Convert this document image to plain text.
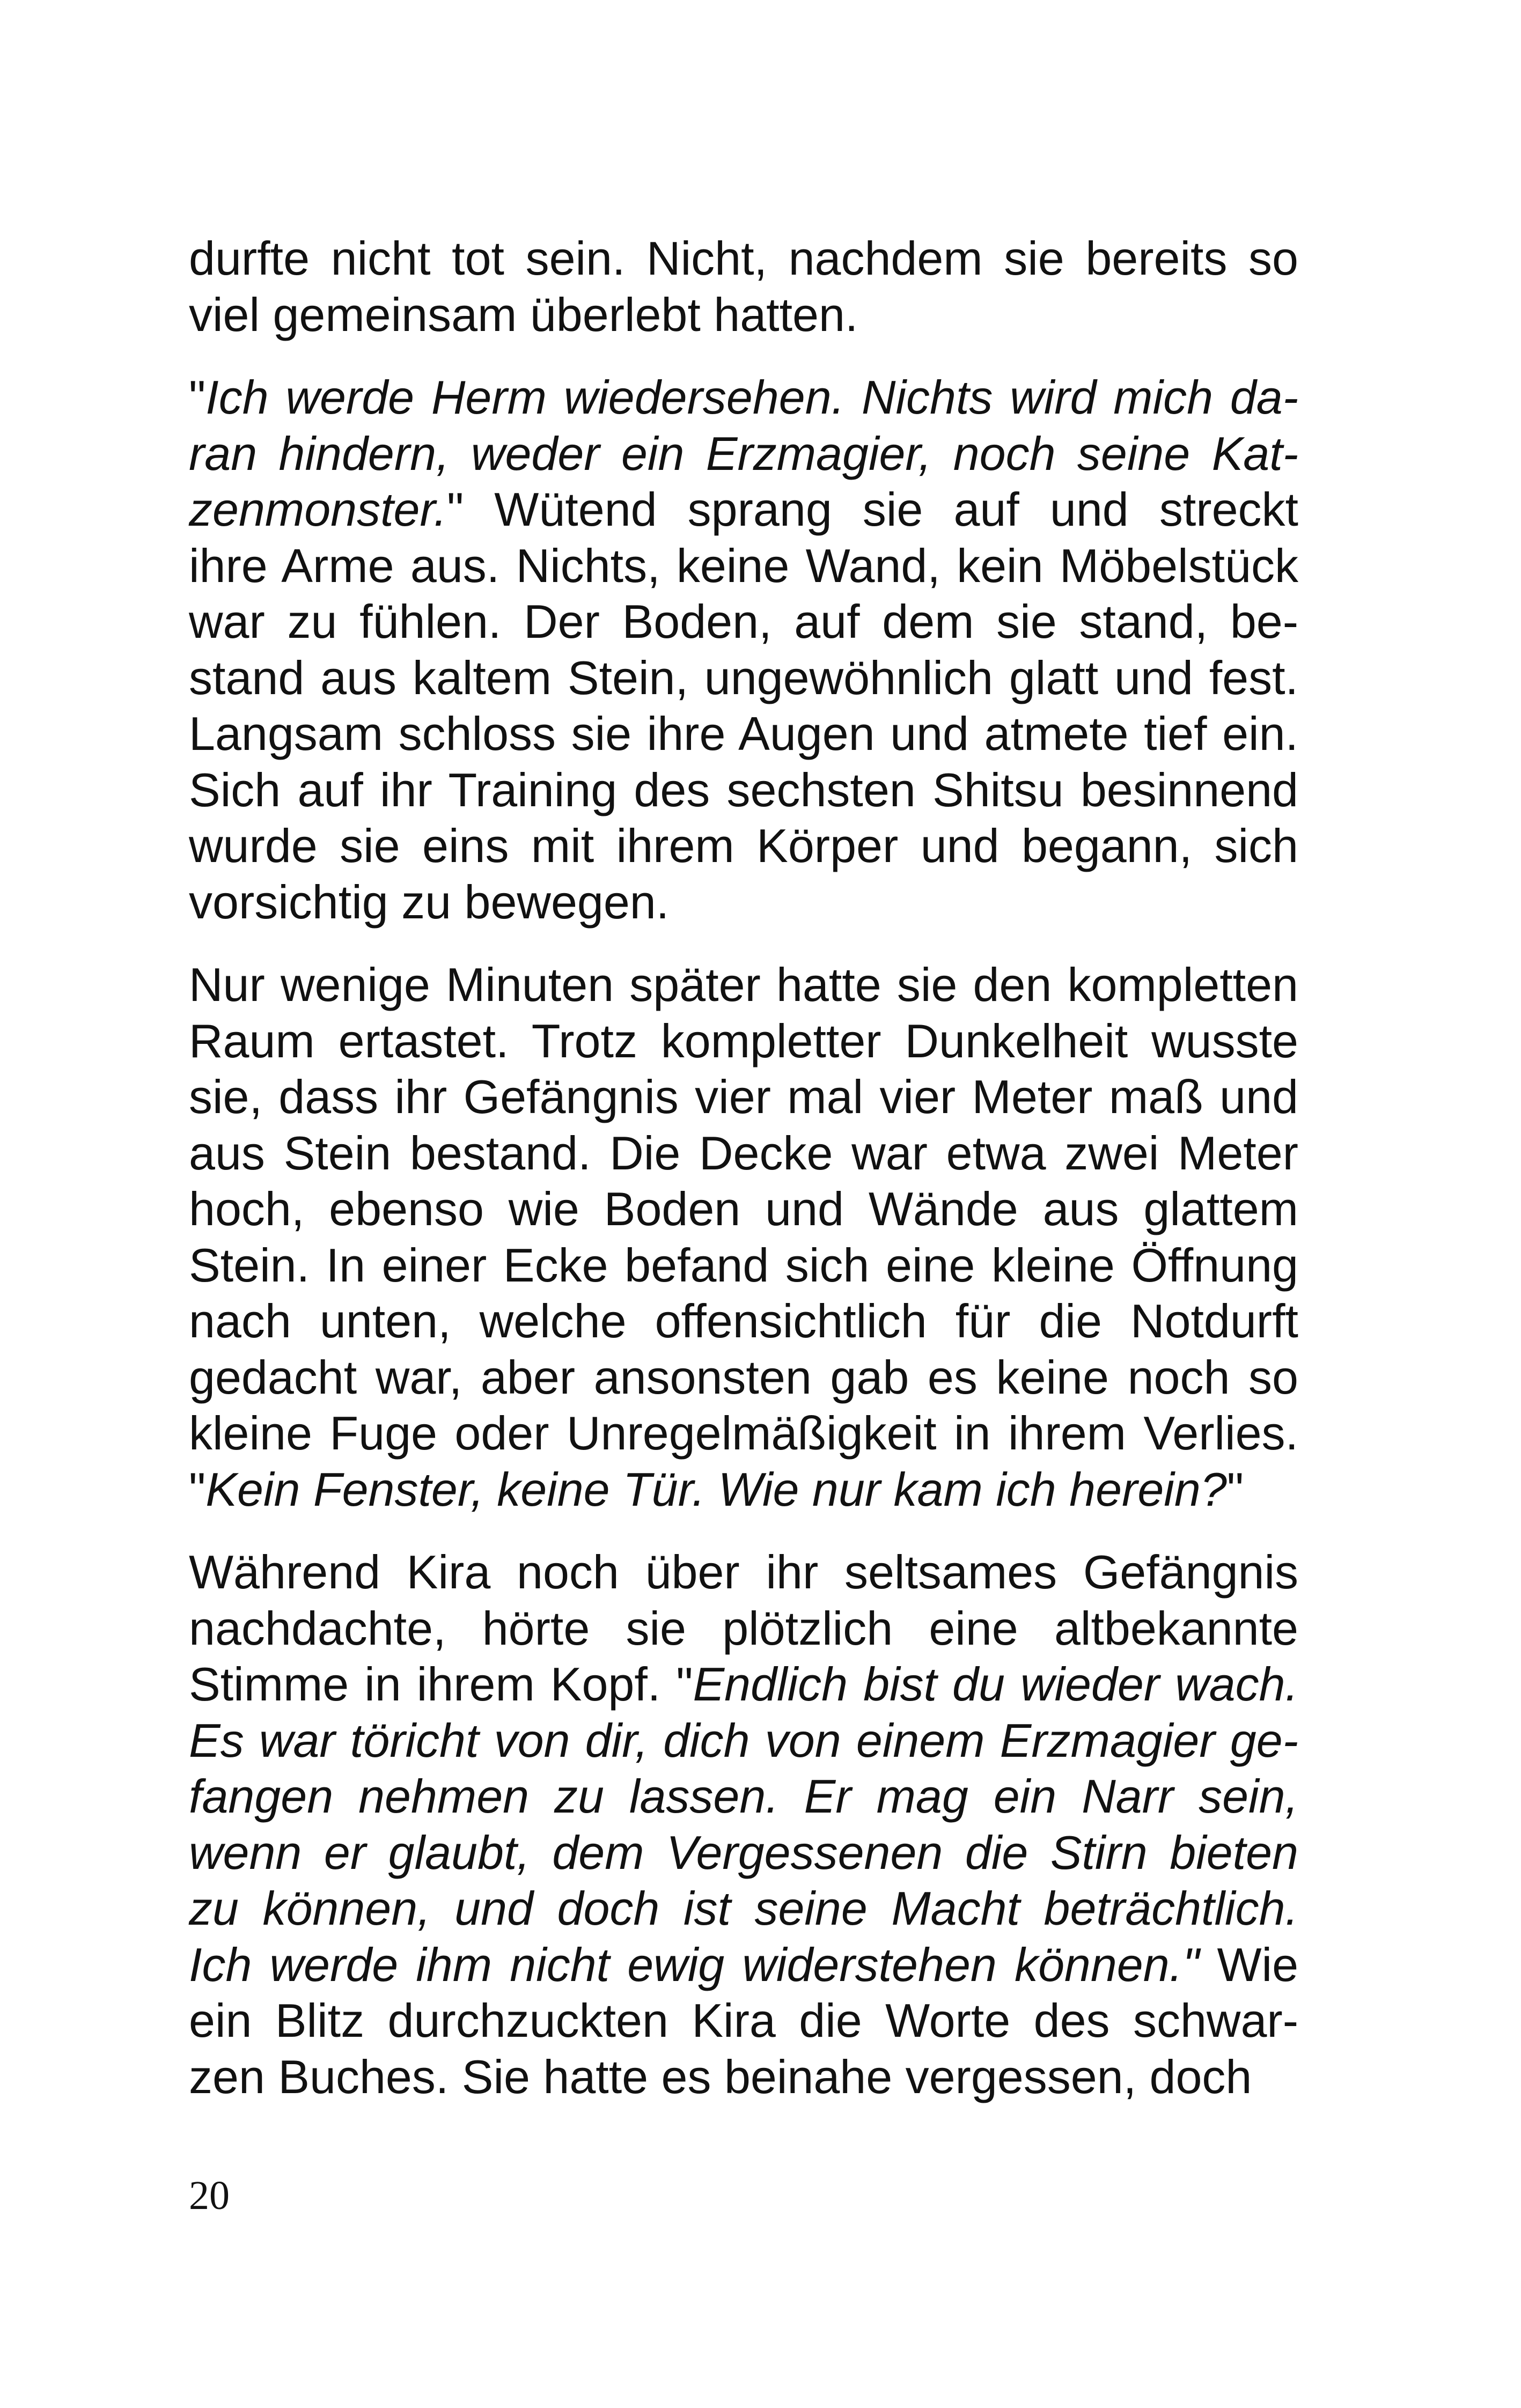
durfte nicht tot sein. Nicht, nachdem sie bereits so
viel gemeinsam überlebt hatten.
"Ich werde Herm wiedersehen. Nichts wird mich da-
ran hindern, weder ein Erzmagier, noch seine Kat-
zenmonster." Wütend sprang sie auf und streckt
ihre Arme aus. Nichts, keine Wand, kein Möbelstück
war zu fühlen. Der Boden, auf dem sie stand, be-
stand aus kaltem Stein, ungewöhnlich glatt und fest.
Langsam schloss sie ihre Augen und atmete tief ein.
Sich auf ihr Training des sechsten Shitsu besinnend
wurde sie eins mit ihrem Körper und begann, sich
vorsichtig zu bewegen.
Nur wenige Minuten später hatte sie den kompletten
Raum ertastet. Trotz kompletter Dunkelheit wusste
sie, dass ihr Gefängnis vier mal vier Meter maß und
aus Stein bestand. Die Decke war etwa zwei Meter
hoch, ebenso wie Boden und Wände aus glattem
Stein. In einer Ecke befand sich eine kleine Öffnung
nach unten, welche offensichtlich für die Notdurft
gedacht war, aber ansonsten gab es keine noch so
kleine Fuge oder Unregelmäßigkeit in ihrem Verlies.
"Kein Fenster, keine Tür. Wie nur kam ich herein?"
Während Kira noch über ihr seltsames Gefängnis
nachdachte, hörte sie plötzlich eine altbekannte
Stimme in ihrem Kopf. "Endlich bist du wieder wach.
Es war töricht von dir, dich von einem Erzmagier ge-
fangen nehmen zu lassen. Er mag ein Narr sein,
wenn er glaubt, dem Vergessenen die Stirn bieten
zu können, und doch ist seine Macht beträchtlich.
Ich werde ihm nicht ewig widerstehen können." Wie
ein Blitz durchzuckten Kira die Worte des schwar-
zen Buches. Sie hatte es beinahe vergessen, doch
20
